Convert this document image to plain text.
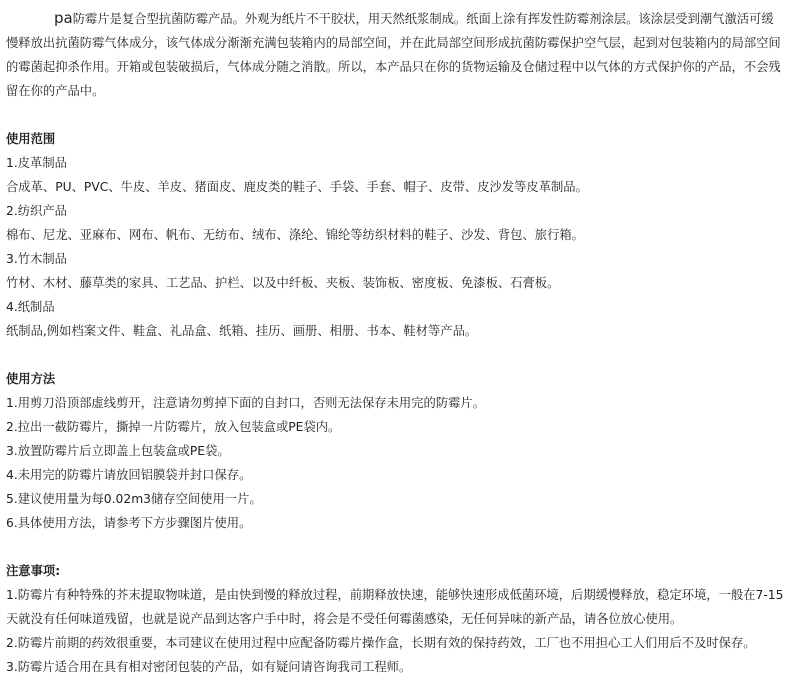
pa防霉片是复合型抗菌防霉产品。外观为纸片不干胶状，用天然纸浆制成。纸面上涂有挥发性防霉剂涂层。该涂层受到潮气激活可缓慢释放出抗菌防霉气体成分，该气体成分渐渐充满包装箱内的局部空间，并在此局部空间形成抗菌防霉保护空气层，起到对包装箱内的局部空间的霉菌起抑杀作用。开箱或包装破损后，气体成分随之消散。所以，本产品只在你的货物运输及仓储过程中以气体的方式保护你的产品，不会残留在你的产品中。

使用范围

1.皮革制品

合成革、PU、PVC、牛皮、羊皮、猪面皮、鹿皮类的鞋子、手袋、手套、帽子、皮带、皮沙发等皮革制品。

2.纺织产品

棉布、尼龙、亚麻布、网布、帆布、无纺布、绒布、涤纶、锦纶等纺织材料的鞋子、沙发、背包、旅行箱。

3.竹木制品

竹材、木材、藤草类的家具、工艺品、护栏、以及中纤板、夹板、装饰板、密度板、免漆板、石膏板。

4.纸制品

纸制品,例如档案文件、鞋盒、礼品盒、纸箱、挂历、画册、相册、书本、鞋材等产品。

使用方法

1.用剪刀沿顶部虚线剪开，注意请勿剪掉下面的自封口，否则无法保存未用完的防霉片。

2.拉出一截防霉片，撕掉一片防霉片，放入包装盒或PE袋内。

3.放置防霉片后立即盖上包装盒或PE袋。

4.未用完的防霉片请放回铝膜袋并封口保存。

5.建议使用量为每0.02m3储存空间使用一片。

6.具体使用方法，请参考下方步骤图片使用。

注意事项:

1.防霉片有种特殊的芥末提取物味道，是由快到慢的释放过程，前期释放快速，能够快速形成低菌环境，后期缓慢释放，稳定环境，一般在7-15天就没有任何味道残留，也就是说产品到达客户手中时，将会是不受任何霉菌感染，无任何异味的新产品，请各位放心使用。

2.防霉片前期的药效很重要，本司建议在使用过程中应配备防霉片操作盒，长期有效的保持药效，工厂也不用担心工人们用后不及时保存。

3.防霉片适合用在具有相对密闭包装的产品，如有疑问请咨询我司工程师。
